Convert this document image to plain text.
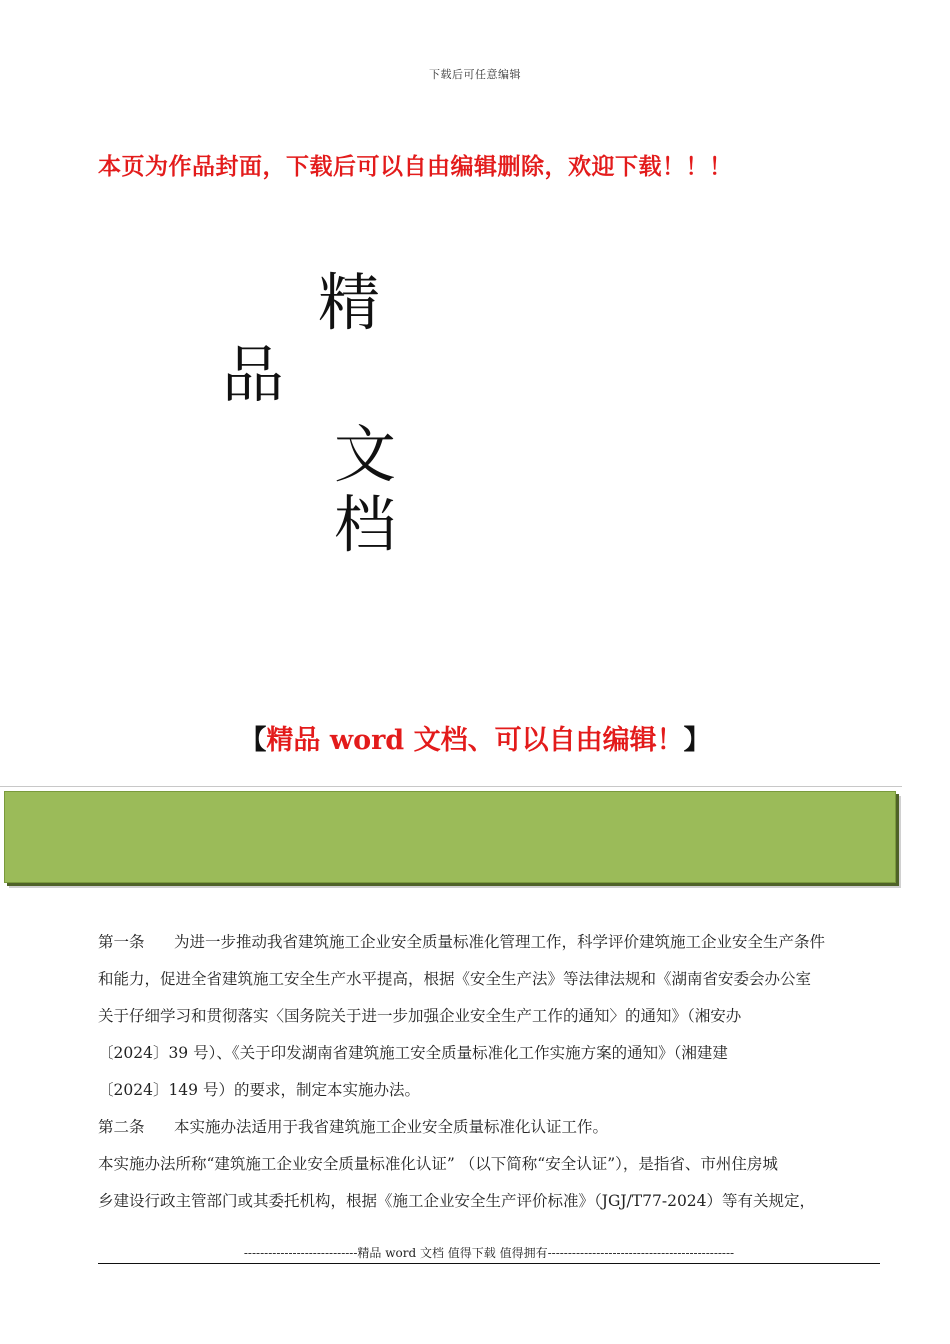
下载后可任意编辑
本页为作品封面，下载后可以自由编辑删除，欢迎下载！！！
精
品
文
档
【精品 word 文档、可以自由编辑！】

第一条 为进一步推动我省建筑施工企业安全质量标准化管理工作，科学评价建筑施工企业安全生产条件

和能力，促进全省建筑施工安全生产水平提高，根据《安全生产法》等法律法规和《湖南省安委会办公室

关于仔细学习和贯彻落实〈国务院关于进一步加强企业安全生产工作的通知〉的通知》（湘安办

〔2024〕39 号）、《关于印发湖南省建筑施工安全质量标准化工作实施方案的通知》（湘建建

〔2024〕149 号）的要求，制定本实施办法。

第二条 本实施办法适用于我省建筑施工企业安全质量标准化认证工作。

本实施办法所称“建筑施工企业安全质量标准化认证” （以下简称“安全认证”），是指省、市州住房城

乡建设行政主管部门或其委托机构，根据《施工企业安全生产评价标准》（JGJ/T77-2024）等有关规定，

----------------------------精品 word 文档 值得下载 值得拥有----------------------------------------------
